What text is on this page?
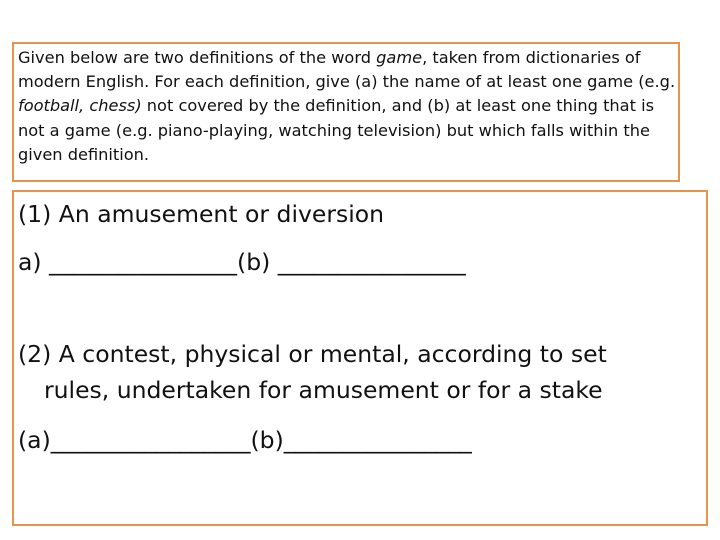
Given below are two definitions of the word game, taken from dictionaries of modern English. For each definition, give (a) the name of at least one game (e.g. football, chess) not covered by the definition, and (b) at least one thing that is not a game (e.g. piano-playing, watching television) but which falls within the given definition.

(1) An amusement or diversion
a) ________________(b) ________________
(2) A contest, physical or mental, according to set
rules, undertaken for amusement or for a stake
(a)_________________(b)________________
